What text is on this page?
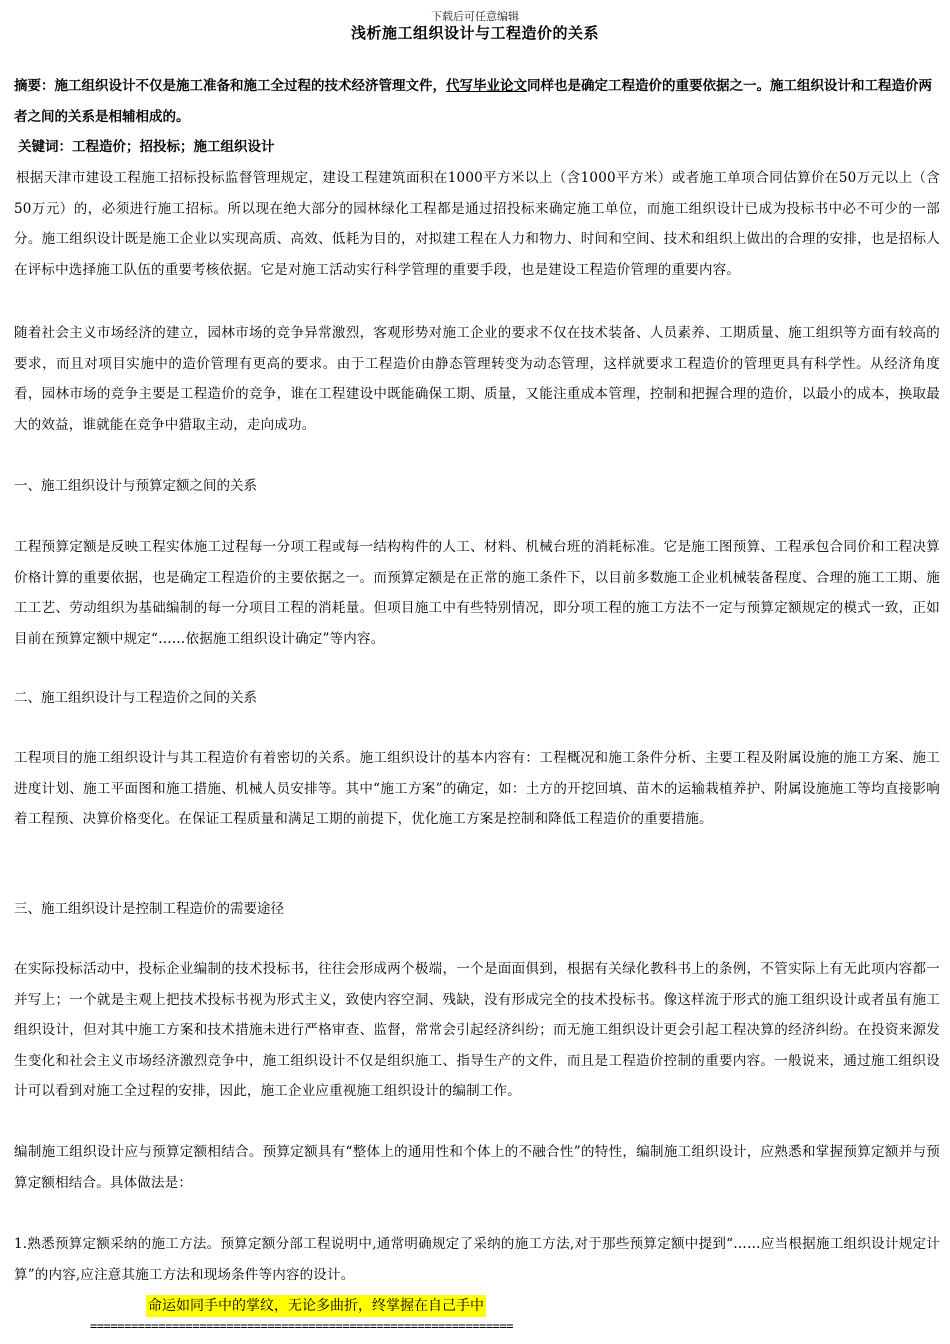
下载后可任意编辑
浅析施工组织设计与工程造价的关系
摘要：施工组织设计不仅是施工准备和施工全过程的技术经济管理文件，代写毕业论文同样也是确定工程造价的重要依据之一。施工组织设计和工程造价两者之间的关系是相辅相成的。
关键词：工程造价；招投标；施工组织设计
根据天津市建设工程施工招标投标监督管理规定，建设工程建筑面积在1000平方米以上（含1000平方米）或者施工单项合同估算价在50万元以上（含50万元）的，必须进行施工招标。所以现在绝大部分的园林绿化工程都是通过招投标来确定施工单位，而施工组织设计已成为投标书中必不可少的一部分。施工组织设计既是施工企业以实现高质、高效、低耗为目的，对拟建工程在人力和物力、时间和空间、技术和组织上做出的合理的安排，也是招标人在评标中选择施工队伍的重要考核依据。它是对施工活动实行科学管理的重要手段，也是建设工程造价管理的重要内容。
随着社会主义市场经济的建立，园林市场的竞争异常激烈，客观形势对施工企业的要求不仅在技术装备、人员素养、工期质量、施工组织等方面有较高的要求，而且对项目实施中的造价管理有更高的要求。由于工程造价由静态管理转变为动态管理，这样就要求工程造价的管理更具有科学性。从经济角度看，园林市场的竞争主要是工程造价的竞争，谁在工程建设中既能确保工期、质量，又能注重成本管理，控制和把握合理的造价，以最小的成本，换取最大的效益，谁就能在竞争中猎取主动，走向成功。
一、施工组织设计与预算定额之间的关系
工程预算定额是反映工程实体施工过程每一分项工程或每一结构构件的人工、材料、机械台班的消耗标准。它是施工图预算、工程承包合同价和工程决算价格计算的重要依据，也是确定工程造价的主要依据之一。而预算定额是在正常的施工条件下，以目前多数施工企业机械装备程度、合理的施工工期、施工工艺、劳动组织为基础编制的每一分项目工程的消耗量。但项目施工中有些特别情况，即分项工程的施工方法不一定与预算定额规定的模式一致，正如目前在预算定额中规定“……依据施工组织设计确定”等内容。
二、施工组织设计与工程造价之间的关系
工程项目的施工组织设计与其工程造价有着密切的关系。施工组织设计的基本内容有：工程概况和施工条件分析、主要工程及附属设施的施工方案、施工进度计划、施工平面图和施工措施、机械人员安排等。其中“施工方案”的确定，如：土方的开挖回填、苗木的运输栽植养护、附属设施施工等均直接影响着工程预、决算价格变化。在保证工程质量和满足工期的前提下，优化施工方案是控制和降低工程造价的重要措施。
三、施工组织设计是控制工程造价的需要途径
在实际投标活动中，投标企业编制的技术投标书，往往会形成两个极端，一个是面面俱到，根据有关绿化教科书上的条例，不管实际上有无此项内容都一并写上；一个就是主观上把技术投标书视为形式主义，致使内容空洞、残缺，没有形成完全的技术投标书。像这样流于形式的施工组织设计或者虽有施工组织设计，但对其中施工方案和技术措施未进行严格审查、监督，常常会引起经济纠纷；而无施工组织设计更会引起工程决算的经济纠纷。在投资来源发生变化和社会主义市场经济激烈竞争中，施工组织设计不仅是组织施工、指导生产的文件，而且是工程造价控制的重要内容。一般说来，通过施工组织设计可以看到对施工全过程的安排，因此，施工企业应重视施工组织设计的编制工作。
编制施工组织设计应与预算定额相结合。预算定额具有“整体上的通用性和个体上的不融合性”的特性，编制施工组织设计，应熟悉和掌握预算定额并与预算定额相结合。具体做法是：
1.熟悉预算定额采纳的施工方法。预算定额分部工程说明中,通常明确规定了采纳的施工方法,对于那些预算定额中提到“……应当根据施工组织设计规定计算”的内容,应注意其施工方法和现场条件等内容的设计。
命运如同手中的掌纹，无论多曲折，终掌握在自己手中
==============================================================
